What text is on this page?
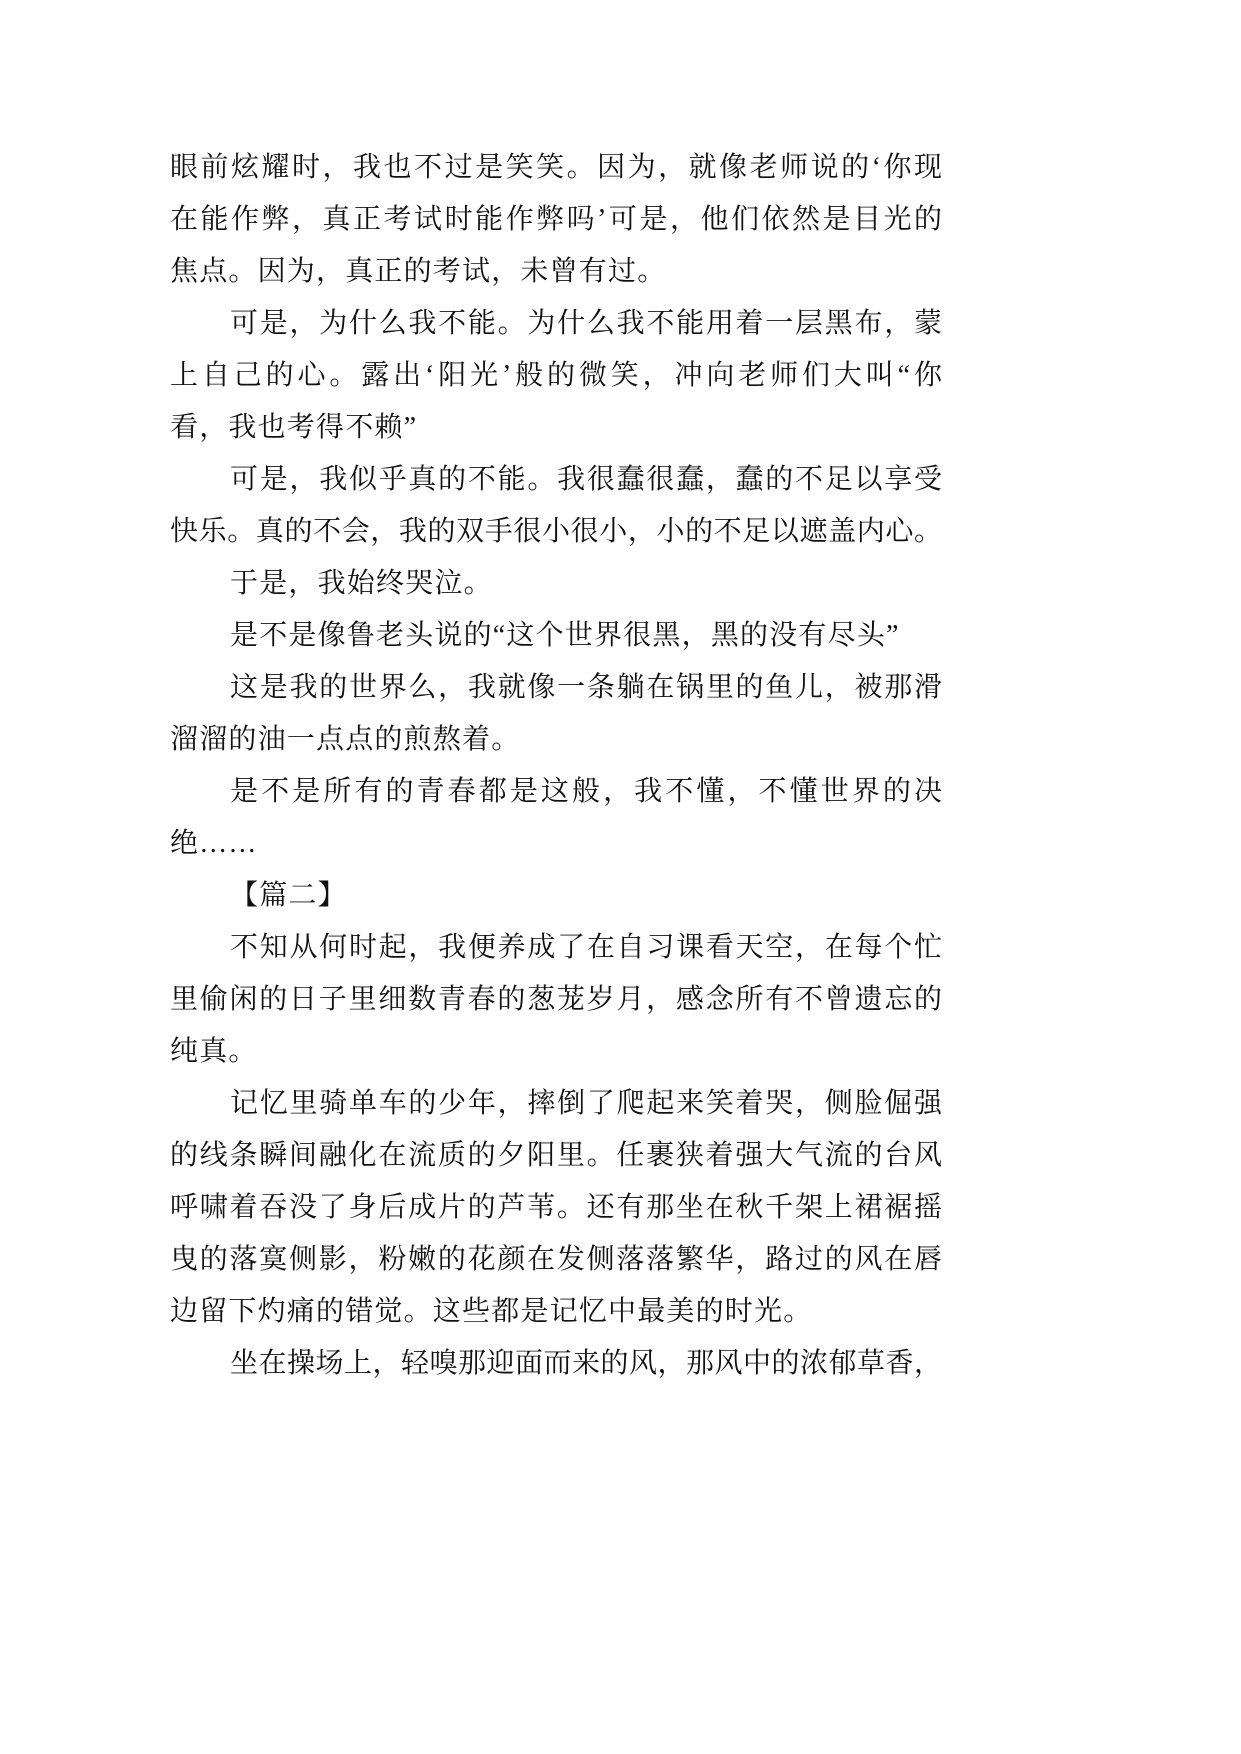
眼前炫耀时，我也不过是笑笑。因为，就像老师说的‘你现
在能作弊，真正考试时能作弊吗’可是，他们依然是目光的
焦点。因为，真正的考试，未曾有过。
可是，为什么我不能。为什么我不能用着一层黑布，蒙
上自己的心。露出‘阳光’般的微笑，冲向老师们大叫“你
看，我也考得不赖”
可是，我似乎真的不能。我很蠢很蠢，蠢的不足以享受
快乐。真的不会，我的双手很小很小，小的不足以遮盖内心。
于是，我始终哭泣。
是不是像鲁老头说的“这个世界很黑，黑的没有尽头”
这是我的世界么，我就像一条躺在锅里的鱼儿，被那滑
溜溜的油一点点的煎熬着。
是不是所有的青春都是这般，我不懂，不懂世界的决
绝……
【篇二】
不知从何时起，我便养成了在自习课看天空，在每个忙
里偷闲的日子里细数青春的葱茏岁月，感念所有不曾遗忘的
纯真。
记忆里骑单车的少年，摔倒了爬起来笑着哭，侧脸倔强
的线条瞬间融化在流质的夕阳里。任裹狭着强大气流的台风
呼啸着吞没了身后成片的芦苇。还有那坐在秋千架上裙裾摇
曳的落寞侧影，粉嫩的花颜在发侧落落繁华，路过的风在唇
边留下灼痛的错觉。这些都是记忆中最美的时光。
坐在操场上，轻嗅那迎面而来的风，那风中的浓郁草香，
